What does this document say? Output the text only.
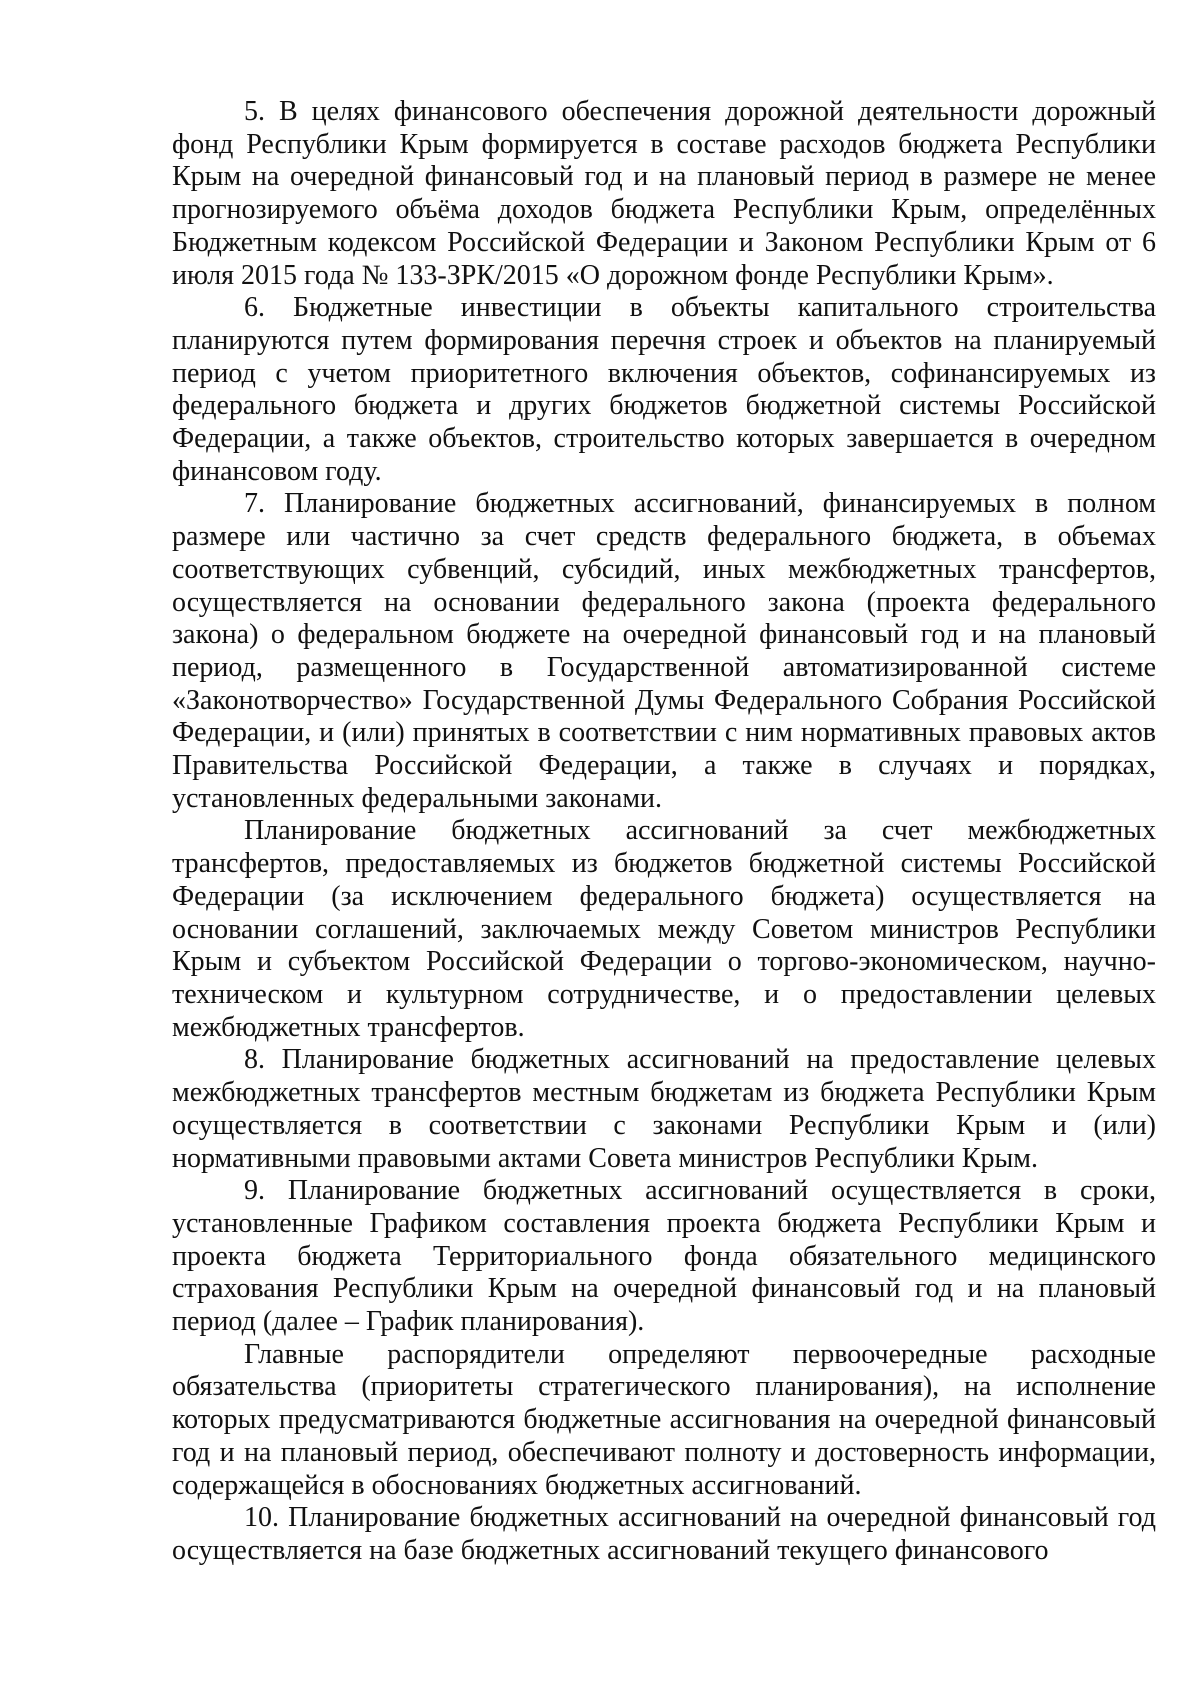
5. В целях финансового обеспечения дорожной деятельности дорожный фонд Республики Крым формируется в составе расходов бюджета Республики Крым на очередной финансовый год и на плановый период в размере не менее прогнозируемого объёма доходов бюджета Республики Крым, определённых Бюджетным кодексом Российской Федерации и Законом Республики Крым от 6 июля 2015 года № 133-ЗРК/2015 «О дорожном фонде Республики Крым».

6. Бюджетные инвестиции в объекты капитального строительства планируются путем формирования перечня строек и объектов на планируемый период с учетом приоритетного включения объектов, софинансируемых из федерального бюджета и других бюджетов бюджетной системы Российской Федерации, а также объектов, строительство которых завершается в очередном финансовом году.

7. Планирование бюджетных ассигнований, финансируемых в полном размере или частично за счет средств федерального бюджета, в объемах соответствующих субвенций, субсидий, иных межбюджетных трансфертов, осуществляется на основании федерального закона (проекта федерального закона) о федеральном бюджете на очередной финансовый год и на плановый период, размещенного в Государственной автоматизированной системе «Законотворчество» Государственной Думы Федерального Собрания Российской Федерации, и (или) принятых в соответствии с ним нормативных правовых актов Правительства Российской Федерации, а также в случаях и порядках, установленных федеральными законами.

Планирование бюджетных ассигнований за счет межбюджетных трансфертов, предоставляемых из бюджетов бюджетной системы Российской Федерации (за исключением федерального бюджета) осуществляется на основании соглашений, заключаемых между Советом министров Республики Крым и субъектом Российской Федерации о торгово-экономическом, научно-техническом и культурном сотрудничестве, и о предоставлении целевых межбюджетных трансфертов.

8. Планирование бюджетных ассигнований на предоставление целевых межбюджетных трансфертов местным бюджетам из бюджета Республики Крым осуществляется в соответствии с законами Республики Крым и (или) нормативными правовыми актами Совета министров Республики Крым.

9. Планирование бюджетных ассигнований осуществляется в сроки, установленные Графиком составления проекта бюджета Республики Крым и проекта бюджета Территориального фонда обязательного медицинского страхования Республики Крым на очередной финансовый год и на плановый период (далее – График планирования).

Главные распорядители определяют первоочередные расходные обязательства (приоритеты стратегического планирования), на исполнение которых предусматриваются бюджетные ассигнования на очередной финансовый год и на плановый период, обеспечивают полноту и достоверность информации, содержащейся в обоснованиях бюджетных ассигнований.

10. Планирование бюджетных ассигнований на очередной финансовый год осуществляется на базе бюджетных ассигнований текущего финансового
